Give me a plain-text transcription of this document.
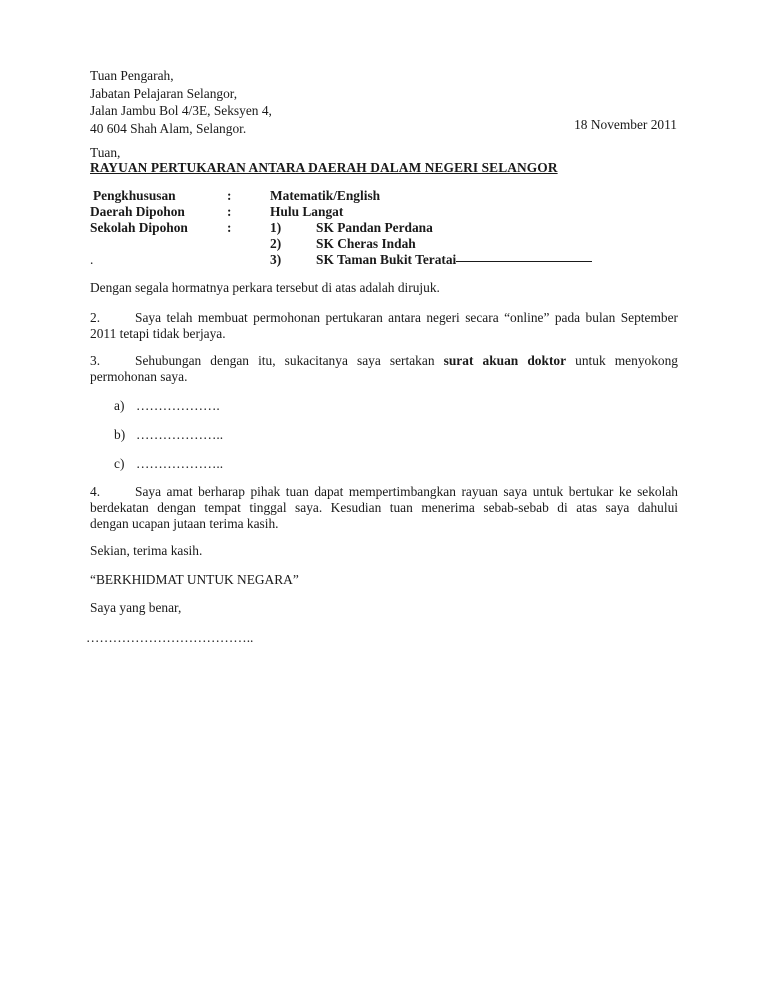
Tuan Pengarah,
Jabatan Pelajaran Selangor,
Jalan Jambu Bol 4/3E, Seksyen 4,
40 604 Shah Alam, Selangor.	18 November 2011
Tuan,
RAYUAN PERTUKARAN ANTARA DAERAH DALAM NEGERI SELANGOR
Pengkhususan	:	Matematik/English
Daerah Dipohon	:	Hulu Langat
Sekolah Dipohon	:	1)	SK Pandan Perdana
2)	SK Cheras Indah
.	3)	SK Taman Bukit Teratai
Dengan segala hormatnya perkara tersebut di atas adalah dirujuk.
2.	Saya telah membuat permohonan pertukaran antara negeri secara “online” pada bulan September
2011 tetapi tidak berjaya.
3.	Sehubungan dengan itu, sukacitanya saya sertakan surat akuan doktor untuk menyokong
permohonan saya.
a) ……………….
b) ………………..
c) ………………..
4.	Saya amat berharap pihak tuan dapat mempertimbangkan rayuan saya untuk bertukar ke sekolah
berdekatan dengan tempat tinggal saya. Kesudian tuan menerima sebab-sebab di atas saya dahului
dengan ucapan jutaan terima kasih.
Sekian, terima kasih.
“BERKHIDMAT UNTUK NEGARA”
Saya yang benar,
………………………………..
